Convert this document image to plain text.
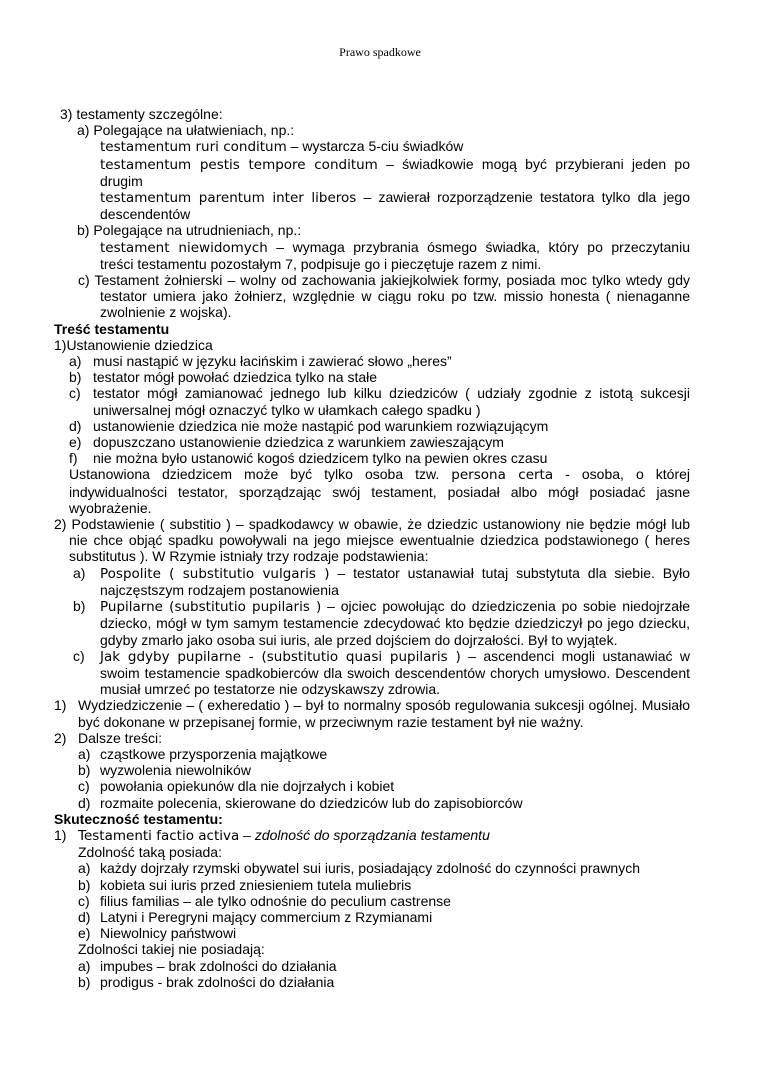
Prawo spadkowe
3) testamenty szczególne:
a) Polegające na ułatwieniach, np.:
testamentum ruri conditum – wystarcza 5-ciu świadków
testamentum pestis tempore conditum – świadkowie mogą być przybierani jeden po
drugim
testamentum parentum inter liberos – zawierał rozporządzenie testatora tylko dla jego
descendentów
b) Polegające na utrudnieniach, np.:
testament niewidomych – wymaga przybrania ósmego świadka, który po przeczytaniu
treści testamentu pozostałym 7, podpisuje go i pieczętuje razem z nimi.
c) Testament żołnierski – wolny od zachowania jakiejkolwiek formy, posiada moc tylko wtedy gdy
testator umiera jako żołnierz, względnie w ciągu roku po tzw. missio honesta ( nienaganne
zwolnienie z wojska).
Treść testamentu
1)Ustanowienie dziedzica
a) musi nastąpić w języku łacińskim i zawierać słowo „heres”
b) testator mógł powołać dziedzica tylko na stałe
c) testator mógł zamianować jednego lub kilku dziedziców ( udziały zgodnie z istotą sukcesji
uniwersalnej mógł oznaczyć tylko w ułamkach całego spadku )
d) ustanowienie dziedzica nie może nastąpić pod warunkiem rozwiązującym
e) dopuszczano ustanowienie dziedzica z warunkiem zawieszającym
f) nie można było ustanowić kogoś dziedzicem tylko na pewien okres czasu
Ustanowiona dziedzicem może być tylko osoba tzw. persona certa - osoba, o której
indywidualności testator, sporządzając swój testament, posiadał albo mógł posiadać jasne
wyobrażenie.
2) Podstawienie ( substitio ) – spadkodawcy w obawie, że dziedzic ustanowiony nie będzie mógł lub
nie chce objąć spadku powoływali na jego miejsce ewentualnie dziedzica podstawionego ( heres
substitutus ). W Rzymie istniały trzy rodzaje podstawienia:
a) Pospolite ( substitutio vulgaris ) – testator ustanawiał tutaj substytuta dla siebie. Było
najczęstszym rodzajem postanowienia
b) Pupilarne (substitutio pupilaris ) – ojciec powołując do dziedziczenia po sobie niedojrzałe
dziecko, mógł w tym samym testamencie zdecydować kto będzie dziedziczył po jego dziecku,
gdyby zmarło jako osoba sui iuris, ale przed dojściem do dojrzałości. Był to wyjątek.
c) Jak gdyby pupilarne - (substitutio quasi pupilaris ) – ascendenci mogli ustanawiać w
swoim testamencie spadkobierców dla swoich descendentów chorych umysłowo. Descendent
musiał umrzeć po testatorze nie odzyskawszy zdrowia.
1) Wydziedziczenie – ( exheredatio ) – był to normalny sposób regulowania sukcesji ogólnej. Musiało
być dokonane w przepisanej formie, w przeciwnym razie testament był nie ważny.
2) Dalsze treści:
a) cząstkowe przysporzenia majątkowe
b) wyzwolenia niewolników
c) powołania opiekunów dla nie dojrzałych i kobiet
d) rozmaite polecenia, skierowane do dziedziców lub do zapisobiorców
Skuteczność testamentu:
1) Testamenti factio activa – zdolność do sporządzania testamentu
Zdolność taką posiada:
a) każdy dojrzały rzymski obywatel sui iuris, posiadający zdolność do czynności prawnych
b) kobieta sui iuris przed zniesieniem tutela muliebris
c) filius familias – ale tylko odnośnie do peculium castrense
d) Latyni i Peregryni mający commercium z Rzymianami
e) Niewolnicy państwowi
Zdolności takiej nie posiadają:
a) impubes – brak zdolności do działania
b) prodigus - brak zdolności do działania
